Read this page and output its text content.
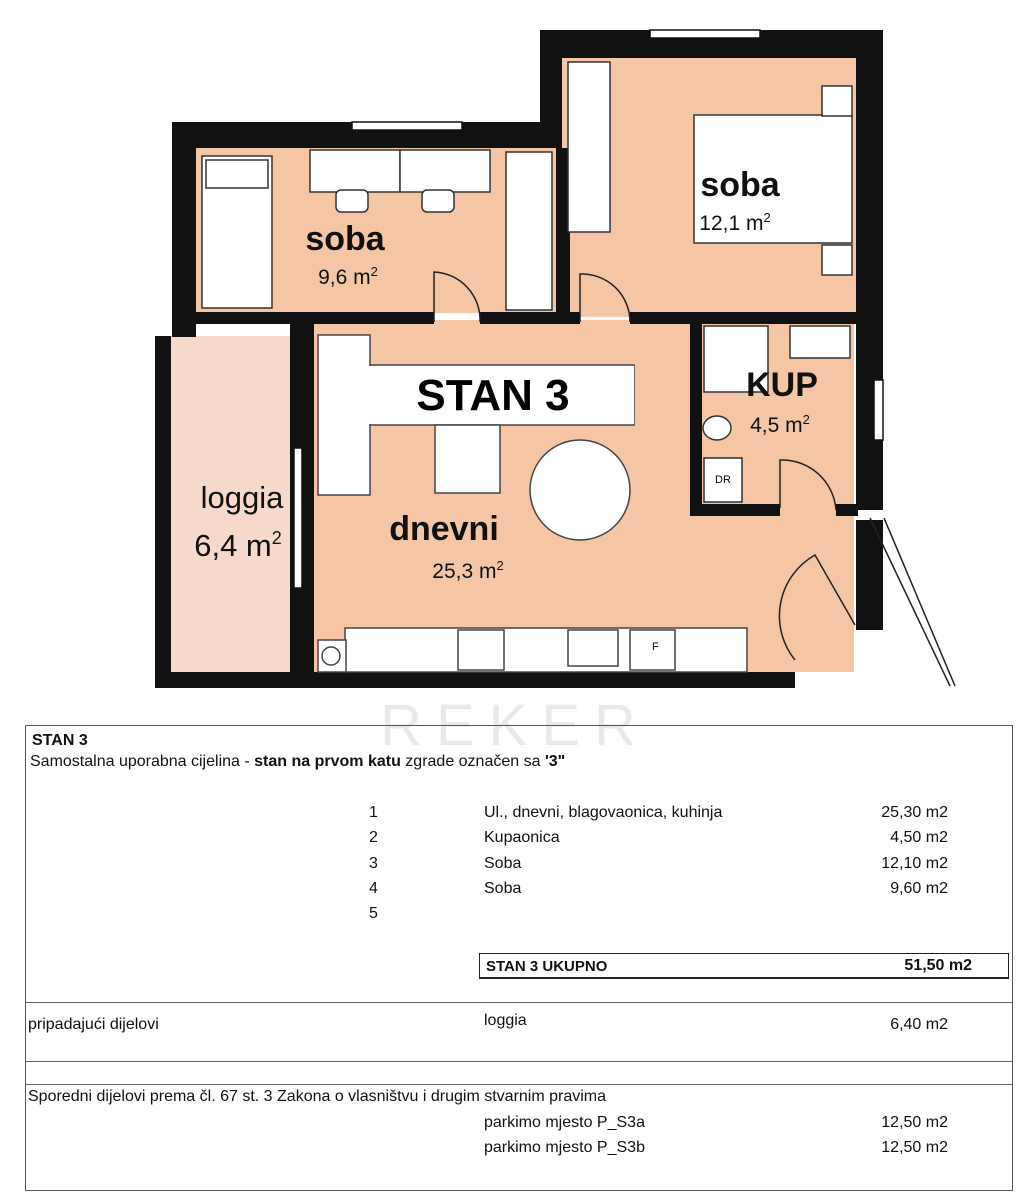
DR
F
STAN 3
soba
9,6 $m^2$
soba
12,1 $m^2$
KUP
4,5 $m^2$
loggia
6,4 $m^2$	dnevni
25,3 $m^2$
REKER
STAN 3
Samostalna uporabna cijelina - stan na prvom katu zgrade označen sa '3"
1	Ul., dnevni, blagovaonica, kuhinja	25,30 m2
2	Kupaonica	4,50 m2
3	Soba	12,10 m2
4	Soba	9,60 m2
5
STAN 3 UKUPNO	51,50 m2
pripadajući dijelovi	loggia	6,40 m2
Sporedni dijelovi prema čl. 67 st. 3 Zakona o vlasništvu i drugim stvarnim pravima
parkimo mjesto P_S3a	12,50 m2
parkimo mjesto P_S3b	12,50 m2
